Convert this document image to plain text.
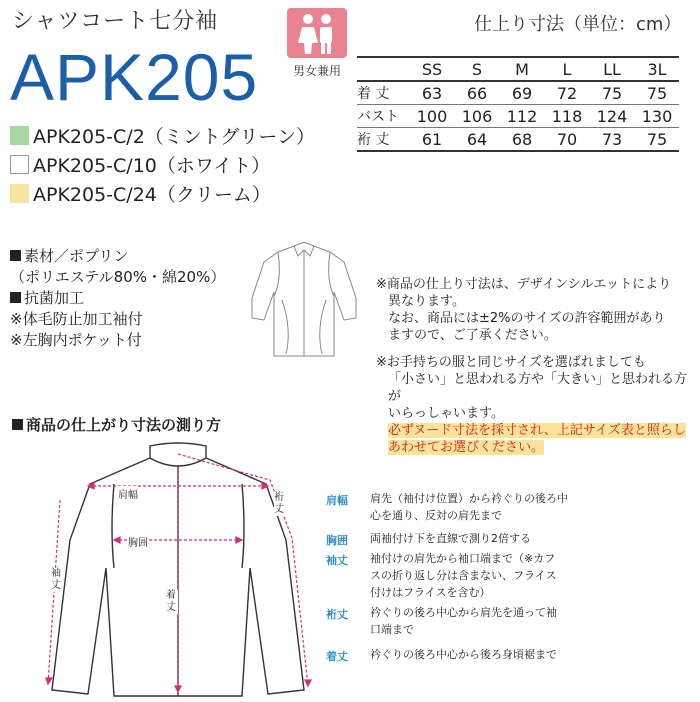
シャツコート七分袖
APK205	男女兼用
仕上り寸法（単位：cm）
	SS	S	M	L	LL	3L
着 丈	63	66	69	72	75	75
バスト	100	106	112	118	124	130
裄 丈	61	64	68	70	73	75
APK205-C/2（ミントグリーン）
APK205-C/10（ホワイト）
APK205-C/24（クリーム）
素材／ポプリン
（ポリエステル80%・綿20%）
抗菌加工
※体毛防止加工袖付
※左胸内ポケット付
※商品の仕上り寸法は、デザインシルエットにより
異なります。
なお、商品には±2%のサイズの許容範囲があり
ますので、ご了承ください。
※お手持ちの服と同じサイズを選ばれましても
「小さい」と思われる方や「大きい」と思われる方が
いらっしゃいます。
必ずヌード寸法を採寸され、上記サイズ表と照らし
あわせてお選びください。
商品の仕上がり寸法の測り方
肩幅
胸囲
着丈
袖丈
裄丈
肩幅 肩先（袖付け位置）から衿ぐりの後ろ中
心を通り、反対の肩先まで
胸囲 両袖付け下を直線で測り2倍する
袖丈 袖付けの肩先から袖口端まで（※カフ
スの折り返し分は含まない、フライス
付けはフライスを含む）
裄丈 衿ぐりの後ろ中心から肩先を通って袖
口端まで
着丈 衿ぐりの後ろ中心から後ろ身頃裾まで
